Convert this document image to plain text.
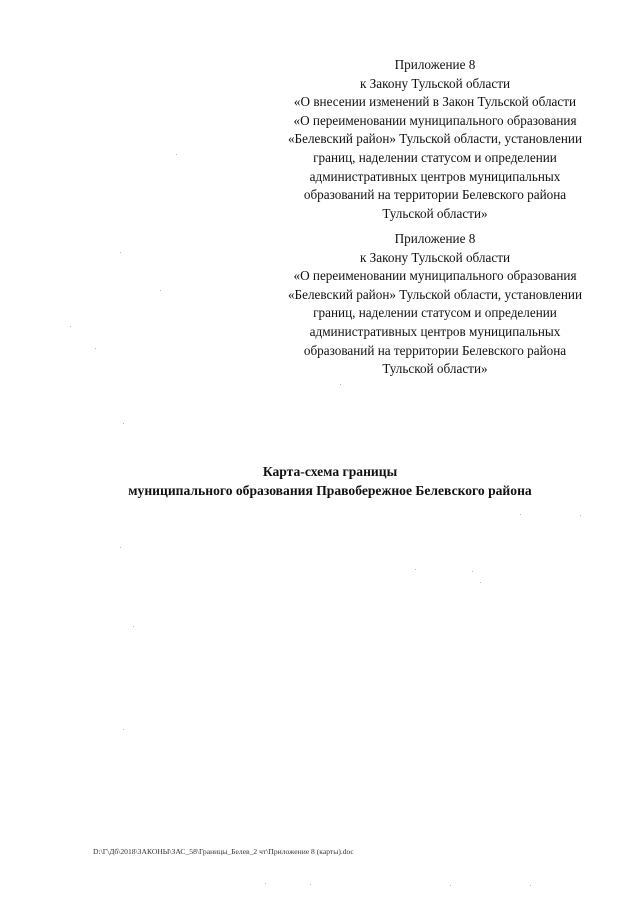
Приложение 8
к Закону Тульской области
«О внесении изменений в Закон Тульской области
«О переименовании муниципального образования
«Белевский район» Тульской области, установлении
границ, наделении статусом и определении
административных центров муниципальных
образований на территории Белевского района
Тульской области»
Приложение 8
к Закону Тульской области
«О переименовании муниципального образования
«Белевский район» Тульской области, установлении
границ, наделении статусом и определении
административных центров муниципальных
образований на территории Белевского района
Тульской области»
Карта-схема границы
муниципального образования Правобережное Белевского района
D:\Г\Дб\2018\ЗАКОНЫ\ЗАС_58\Границы_Белев_2 чт\Приложение 8 (карты).doc
